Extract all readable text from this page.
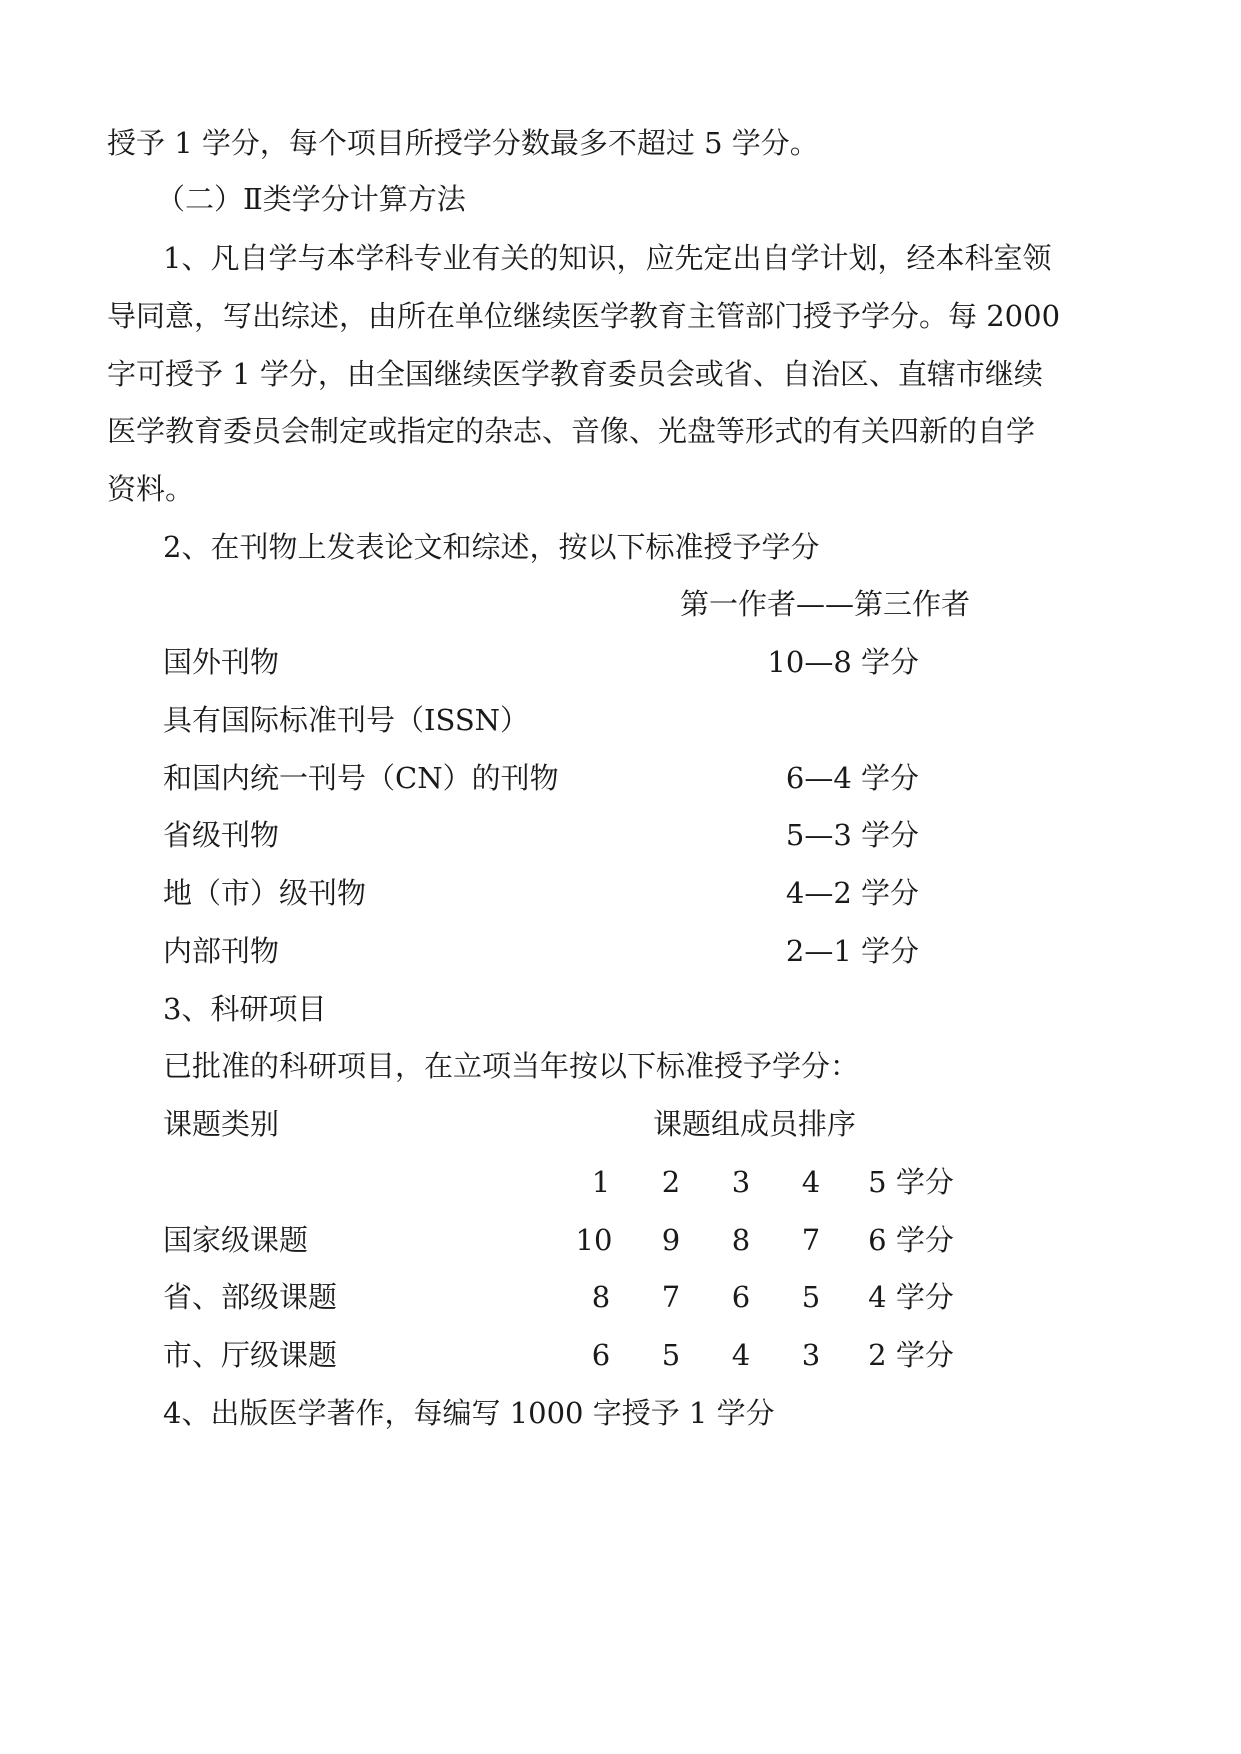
授予 1 学分，每个项目所授学分数最多不超过 5 学分。
（二）Ⅱ类学分计算方法
1、凡自学与本学科专业有关的知识，应先定出自学计划，经本科室领
导同意，写出综述，由所在单位继续医学教育主管部门授予学分。每 2000
字可授予 1 学分，由全国继续医学教育委员会或省、自治区、直辖市继续
医学教育委员会制定或指定的杂志、音像、光盘等形式的有关四新的自学
资料。
2、在刊物上发表论文和综述，按以下标准授予学分
第一作者——第三作者
国外刊物	10—8 学分
具有国际标准刊号（ISSN）
和国内统一刊号（CN）的刊物	6—4 学分
省级刊物	5—3 学分
地（市）级刊物	4—2 学分
内部刊物	2—1 学分
3、科研项目
已批准的科研项目，在立项当年按以下标准授予学分：
课题类别	课题组成员排序
1	2	3	4	5 学分
国家级课题	10	9	8	7	6 学分
省、部级课题	8	7	6	5	4 学分
市、厅级课题	6	5	4	3	2 学分
4、出版医学著作，每编写 1000 字授予 1 学分
